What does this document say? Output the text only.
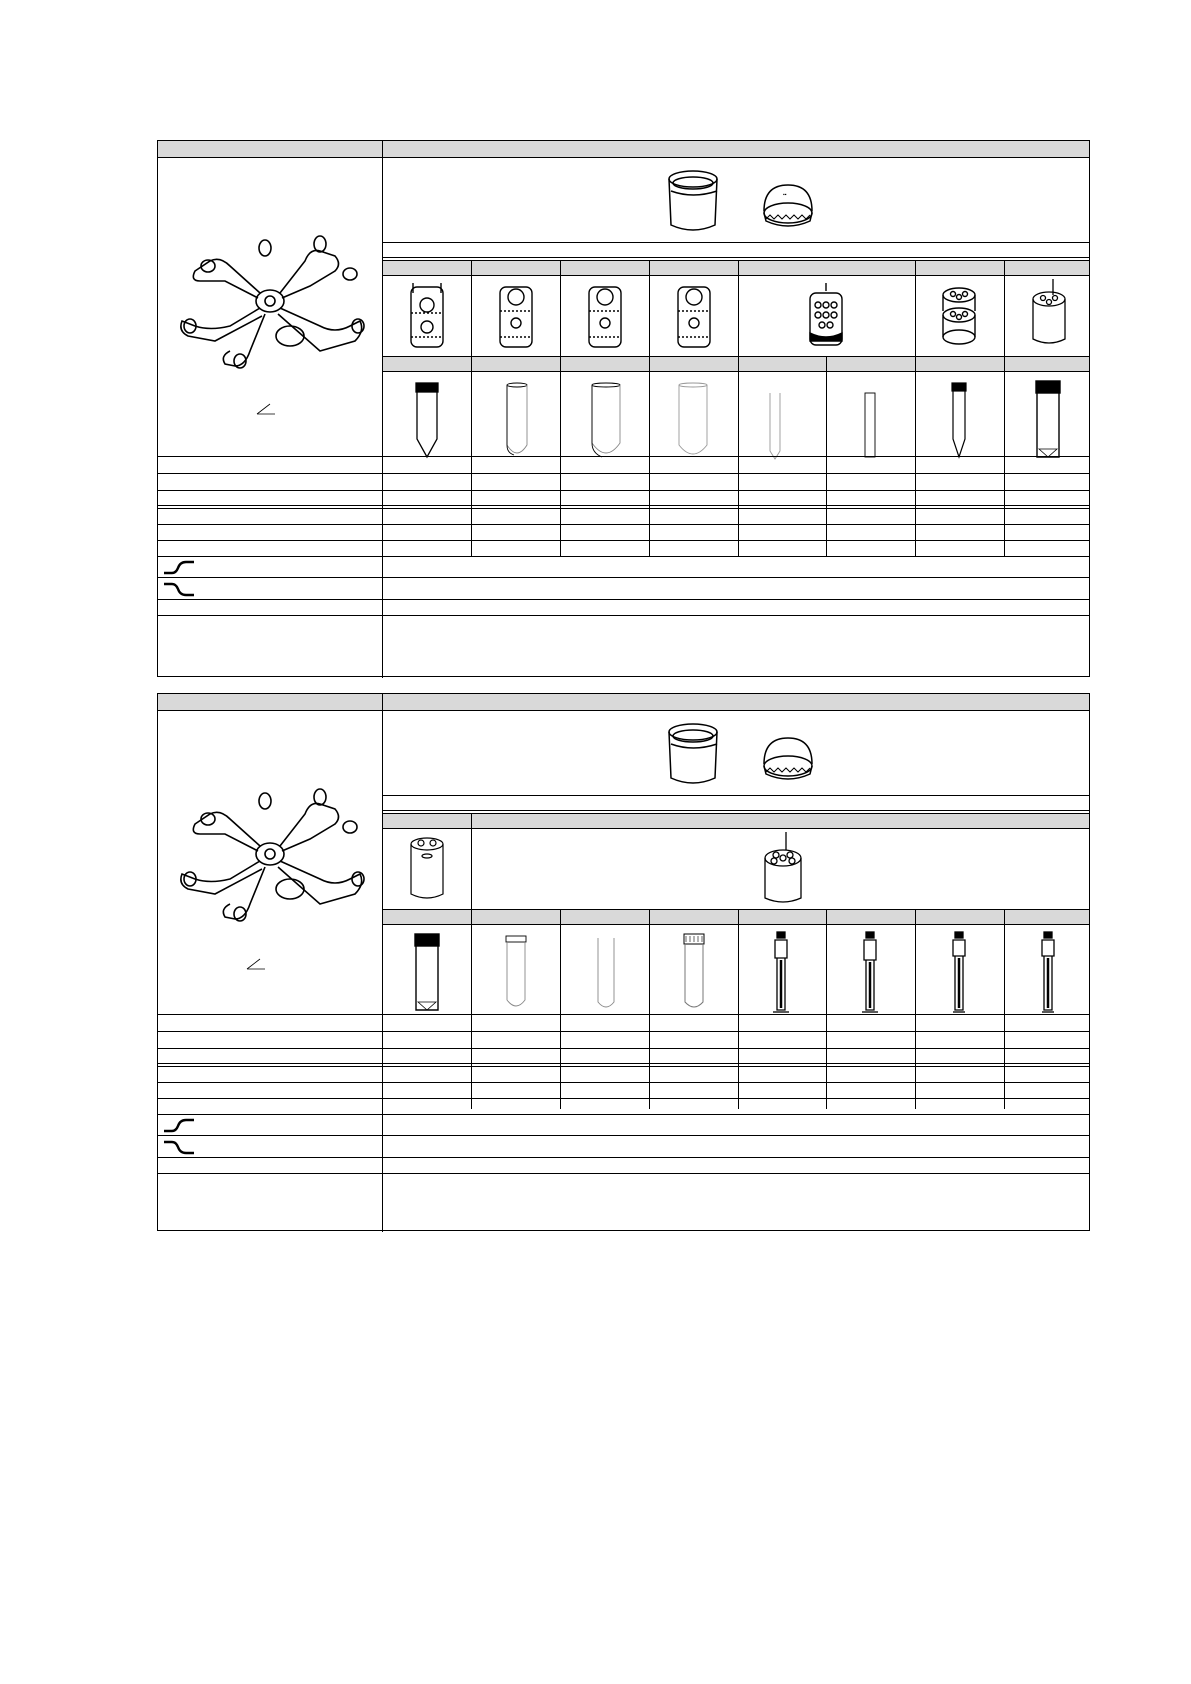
▪▪
